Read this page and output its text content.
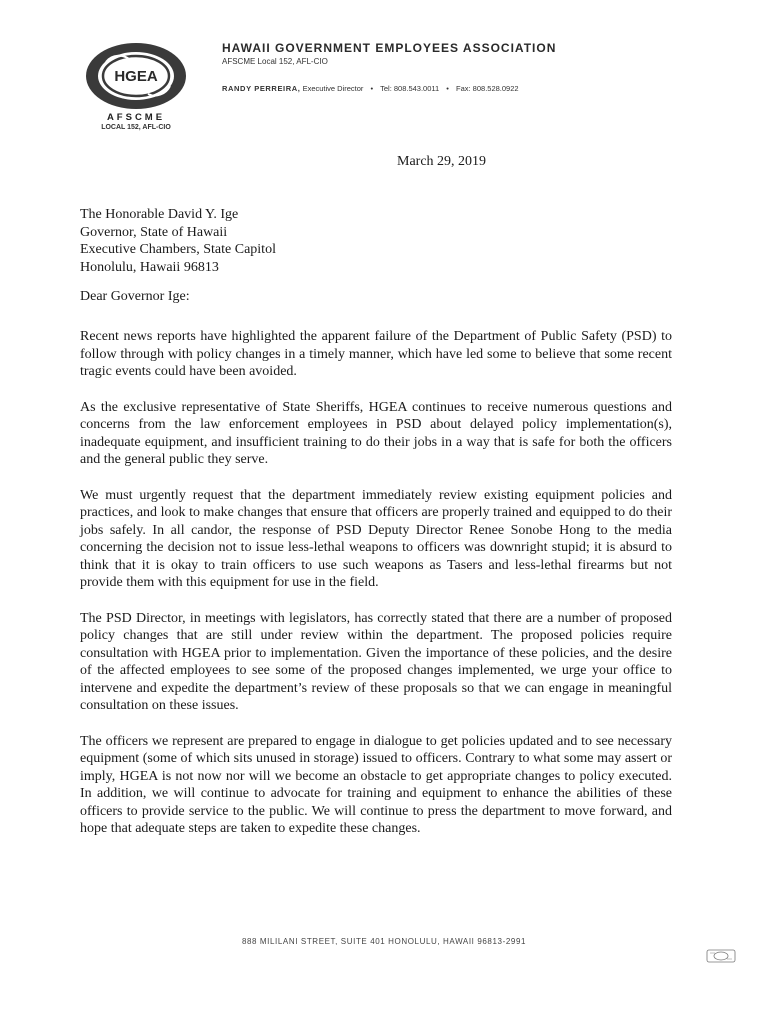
HGEA
AFSCME
LOCAL 152, AFL-CIO
HAWAII GOVERNMENT EMPLOYEES ASSOCIATION
AFSCME Local 152, AFL-CIO
RANDY PERREIRA, Executive Director • Tel: 808.543.0011 • Fax: 808.528.0922
March 29, 2019
The Honorable David Y. Ige
Governor, State of Hawaii
Executive Chambers, State Capitol
Honolulu, Hawaii 96813
Dear Governor Ige:

Recent news reports have highlighted the apparent failure of the Department of Public Safety (PSD) to follow through with policy changes in a timely manner, which have led some to believe that some recent tragic events could have been avoided.

As the exclusive representative of State Sheriffs, HGEA continues to receive numerous questions and concerns from the law enforcement employees in PSD about delayed policy implementation(s), inadequate equipment, and insufficient training to do their jobs in a way that is safe for both the officers and the general public they serve.

We must urgently request that the department immediately review existing equipment policies and practices, and look to make changes that ensure that officers are properly trained and equipped to do their jobs safely. In all candor, the response of PSD Deputy Director Renee Sonobe Hong to the media concerning the decision not to issue less-lethal weapons to officers was downright stupid; it is absurd to think that it is okay to train officers to use such weapons as Tasers and less-lethal firearms but not provide them with this equipment for use in the field.

The PSD Director, in meetings with legislators, has correctly stated that there are a number of proposed policy changes that are still under review within the department. The proposed policies require consultation with HGEA prior to implementation. Given the importance of these policies, and the desire of the affected employees to see some of the proposed changes implemented, we urge your office to intervene and expedite the department’s review of these proposals so that we can engage in meaningful consultation on these issues.

The officers we represent are prepared to engage in dialogue to get policies updated and to see necessary equipment (some of which sits unused in storage) issued to officers. Contrary to what some may assert or imply, HGEA is not now nor will we become an obstacle to get appropriate changes to policy executed. In addition, we will continue to advocate for training and equipment to enhance the abilities of these officers to provide service to the public. We will continue to press the department to move forward, and hope that adequate steps are taken to expedite these changes.

888 MILILANI STREET, SUITE 401 HONOLULU, HAWAII 96813-2991
